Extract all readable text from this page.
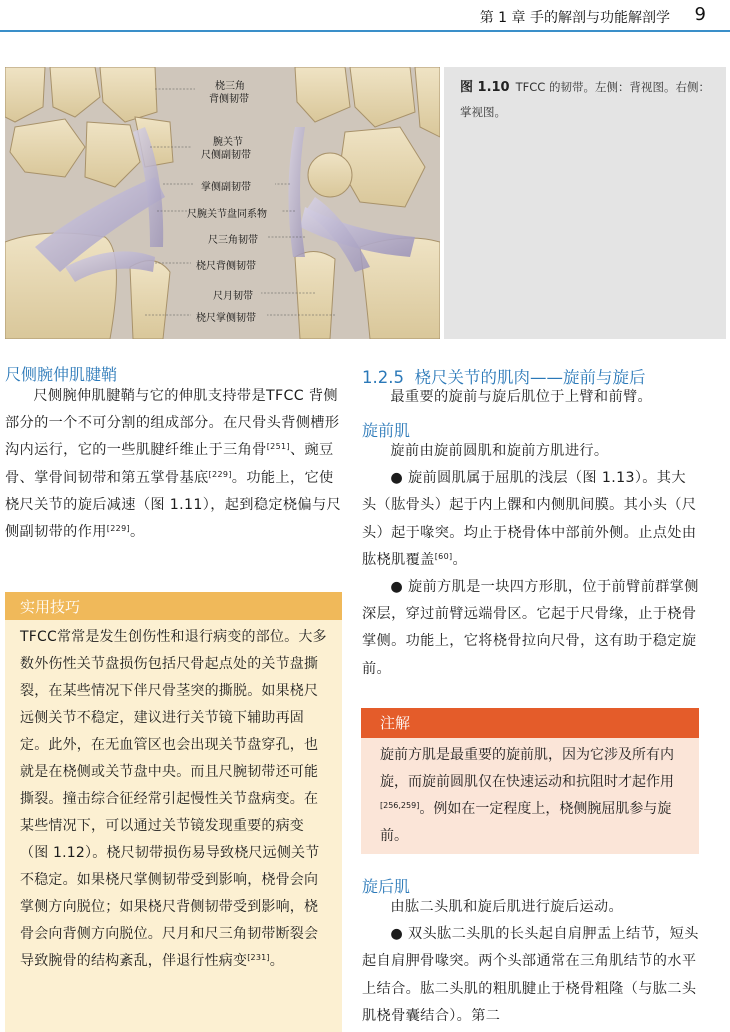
第 1 章 手的解剖与功能解剖学 9
桡三角
背侧韧带
腕关节
尺侧副韧带
掌侧副韧带
尺腕关节盘同系物
尺三角韧带
桡尺背侧韧带
尺月韧带
桡尺掌侧韧带
图 1.10 TFCC 的韧带。左侧：背视图。右侧：掌视图。
尺侧腕伸肌腱鞘

尺侧腕伸肌腱鞘与它的伸肌支持带是TFCC 背侧部分的一个不可分割的组成部分。在尺骨头背侧槽形沟内运行，它的一些肌腱纤维止于三角骨[251]、豌豆骨、掌骨间韧带和第五掌骨基底[229]。功能上，它使桡尺关节的旋后减速（图 1.11），起到稳定桡偏与尺侧副韧带的作用[229]。

实用技巧
TFCC常常是发生创伤性和退行病变的部位。大多数外伤性关节盘损伤包括尺骨起点处的关节盘撕裂，在某些情况下伴尺骨茎突的撕脱。如果桡尺远侧关节不稳定，建议进行关节镜下辅助再固定。此外，在无血管区也会出现关节盘穿孔，也就是在桡侧或关节盘中央。而且尺腕韧带还可能撕裂。撞击综合征经常引起慢性关节盘病变。在某些情况下，可以通过关节镜发现重要的病变（图 1.12）。桡尺韧带损伤易导致桡尺远侧关节不稳定。如果桡尺掌侧韧带受到影响，桡骨会向掌侧方向脱位；如果桡尺背侧韧带受到影响，桡骨会向背侧方向脱位。尺月和尺三角韧带断裂会导致腕骨的结构紊乱，伴退行性病变[231]。
1.2.5 桡尺关节的肌肉——旋前与旋后

最重要的旋前与旋后肌位于上臂和前臂。

旋前肌

旋前由旋前圆肌和旋前方肌进行。

● 旋前圆肌属于屈肌的浅层（图 1.13）。其大头（肱骨头）起于内上髁和内侧肌间膜。其小头（尺头）起于喙突。均止于桡骨体中部前外侧。止点处由肱桡肌覆盖[60]。

● 旋前方肌是一块四方形肌，位于前臂前群掌侧深层，穿过前臂远端骨区。它起于尺骨缘，止于桡骨掌侧。功能上，它将桡骨拉向尺骨，这有助于稳定旋前。

注解
旋前方肌是最重要的旋前肌，因为它涉及所有内旋，而旋前圆肌仅在快速运动和抗阻时才起作用[256,259]。例如在一定程度上，桡侧腕屈肌参与旋前。
旋后肌

由肱二头肌和旋后肌进行旋后运动。

● 双头肱二头肌的长头起自肩胛盂上结节，短头起自肩胛骨喙突。两个头部通常在三角肌结节的水平上结合。肱二头肌的粗肌腱止于桡骨粗隆（与肱二头肌桡骨囊结合）。第二
